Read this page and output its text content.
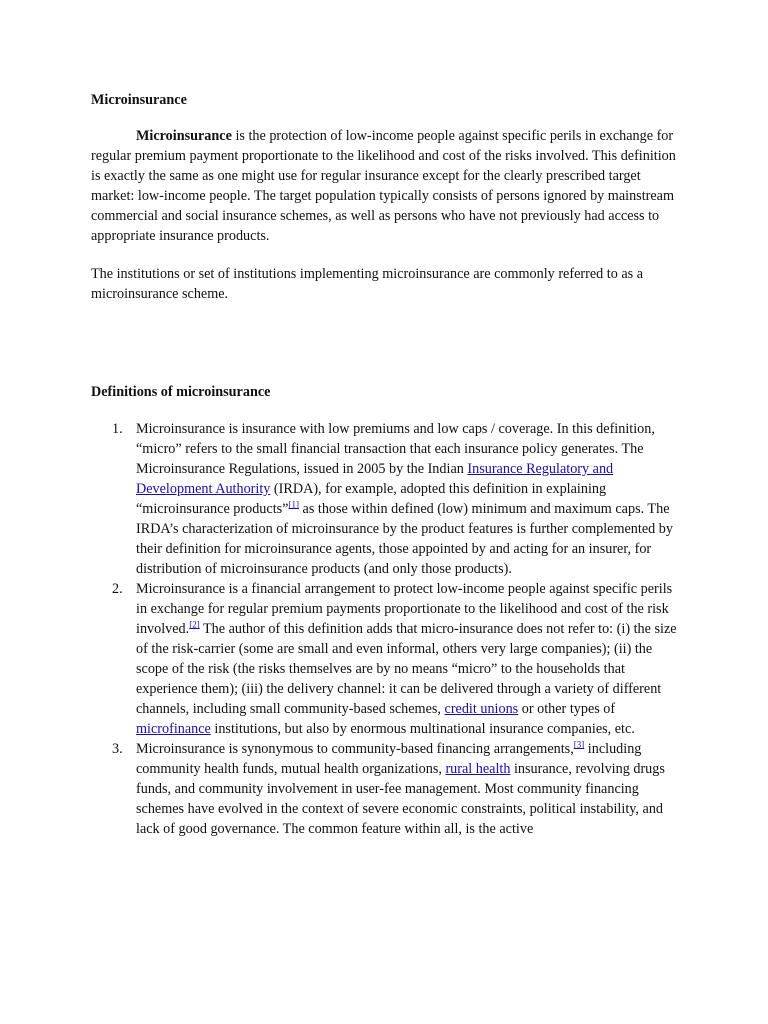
Microinsurance

Microinsurance is the protection of low-income people against specific perils in exchange for regular premium payment proportionate to the likelihood and cost of the risks involved. This definition is exactly the same as one might use for regular insurance except for the clearly prescribed target market: low-income people. The target population typically consists of persons ignored by mainstream commercial and social insurance schemes, as well as persons who have not previously had access to appropriate insurance products.

The institutions or set of institutions implementing microinsurance are commonly referred to as a microinsurance scheme.

Definitions of microinsurance
1. Microinsurance is insurance with low premiums and low caps / coverage. In this definition, “micro” refers to the small financial transaction that each insurance policy generates. The Microinsurance Regulations, issued in 2005 by the Indian Insurance Regulatory and Development Authority (IRDA), for example, adopted this definition in explaining “microinsurance products”[1] as those within defined (low) minimum and maximum caps. The IRDA’s characterization of microinsurance by the product features is further complemented by their definition for microinsurance agents, those appointed by and acting for an insurer, for distribution of microinsurance products (and only those products).
2. Microinsurance is a financial arrangement to protect low-income people against specific perils in exchange for regular premium payments proportionate to the likelihood and cost of the risk involved.[2] The author of this definition adds that micro-insurance does not refer to: (i) the size of the risk-carrier (some are small and even informal, others very large companies); (ii) the scope of the risk (the risks themselves are by no means “micro” to the households that experience them); (iii) the delivery channel: it can be delivered through a variety of different channels, including small community-based schemes, credit unions or other types of microfinance institutions, but also by enormous multinational insurance companies, etc.
3. Microinsurance is synonymous to community-based financing arrangements,[3] including community health funds, mutual health organizations, rural health insurance, revolving drugs funds, and community involvement in user-fee management. Most community financing schemes have evolved in the context of severe economic constraints, political instability, and lack of good governance. The common feature within all, is the active
